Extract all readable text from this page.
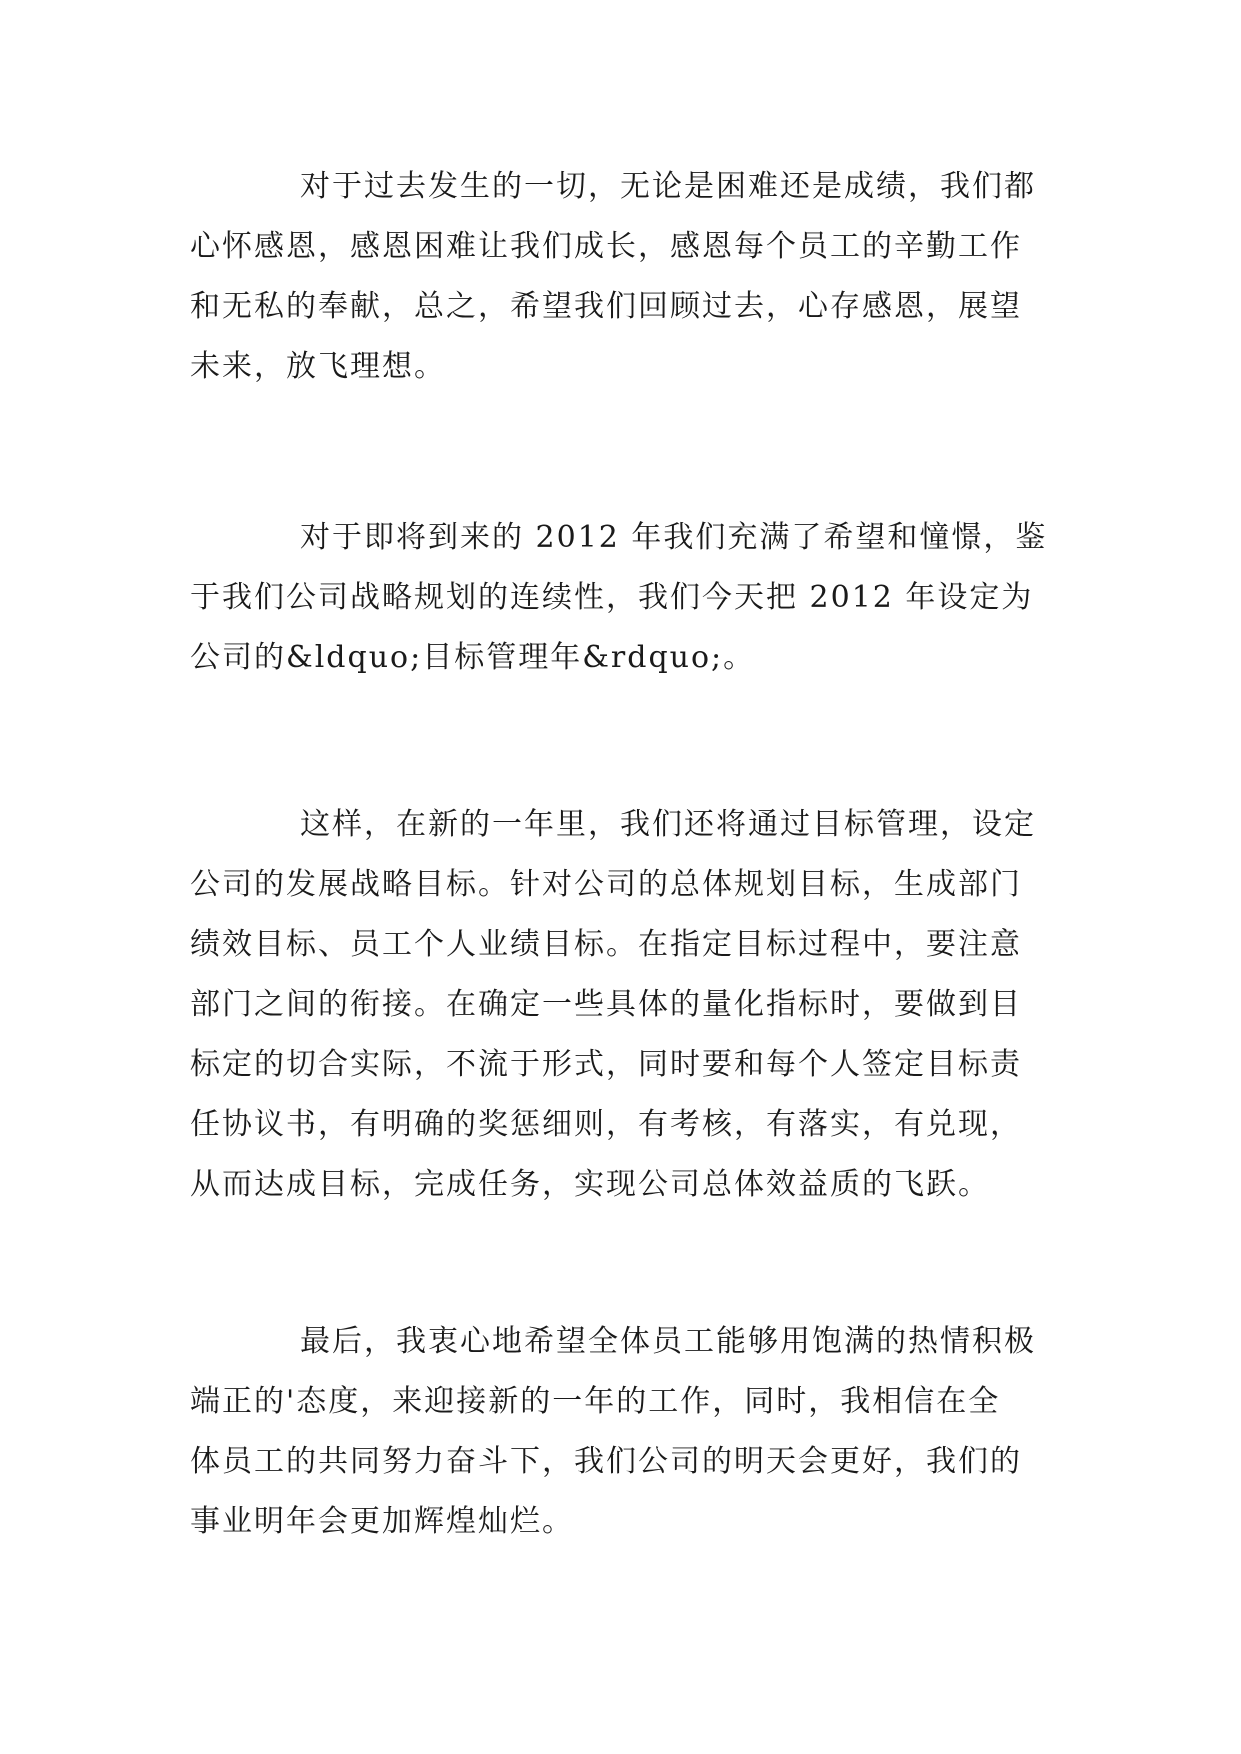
对于过去发生的一切，无论是困难还是成绩，我们都
心怀感恩，感恩困难让我们成长，感恩每个员工的辛勤工作
和无私的奉献，总之，希望我们回顾过去，心存感恩，展望
未来，放飞理想。

对于即将到来的 2012 年我们充满了希望和憧憬，鉴
于我们公司战略规划的连续性，我们今天把 2012 年设定为
公司的&ldquo;目标管理年&rdquo;。

这样，在新的一年里，我们还将通过目标管理，设定
公司的发展战略目标。针对公司的总体规划目标，生成部门
绩效目标、员工个人业绩目标。在指定目标过程中，要注意
部门之间的衔接。在确定一些具体的量化指标时，要做到目
标定的切合实际，不流于形式，同时要和每个人签定目标责
任协议书，有明确的奖惩细则，有考核，有落实，有兑现，
从而达成目标，完成任务，实现公司总体效益质的飞跃。

最后，我衷心地希望全体员工能够用饱满的热情积极
端正的'态度，来迎接新的一年的工作，同时，我相信在全
体员工的共同努力奋斗下，我们公司的明天会更好，我们的
事业明年会更加辉煌灿烂。
